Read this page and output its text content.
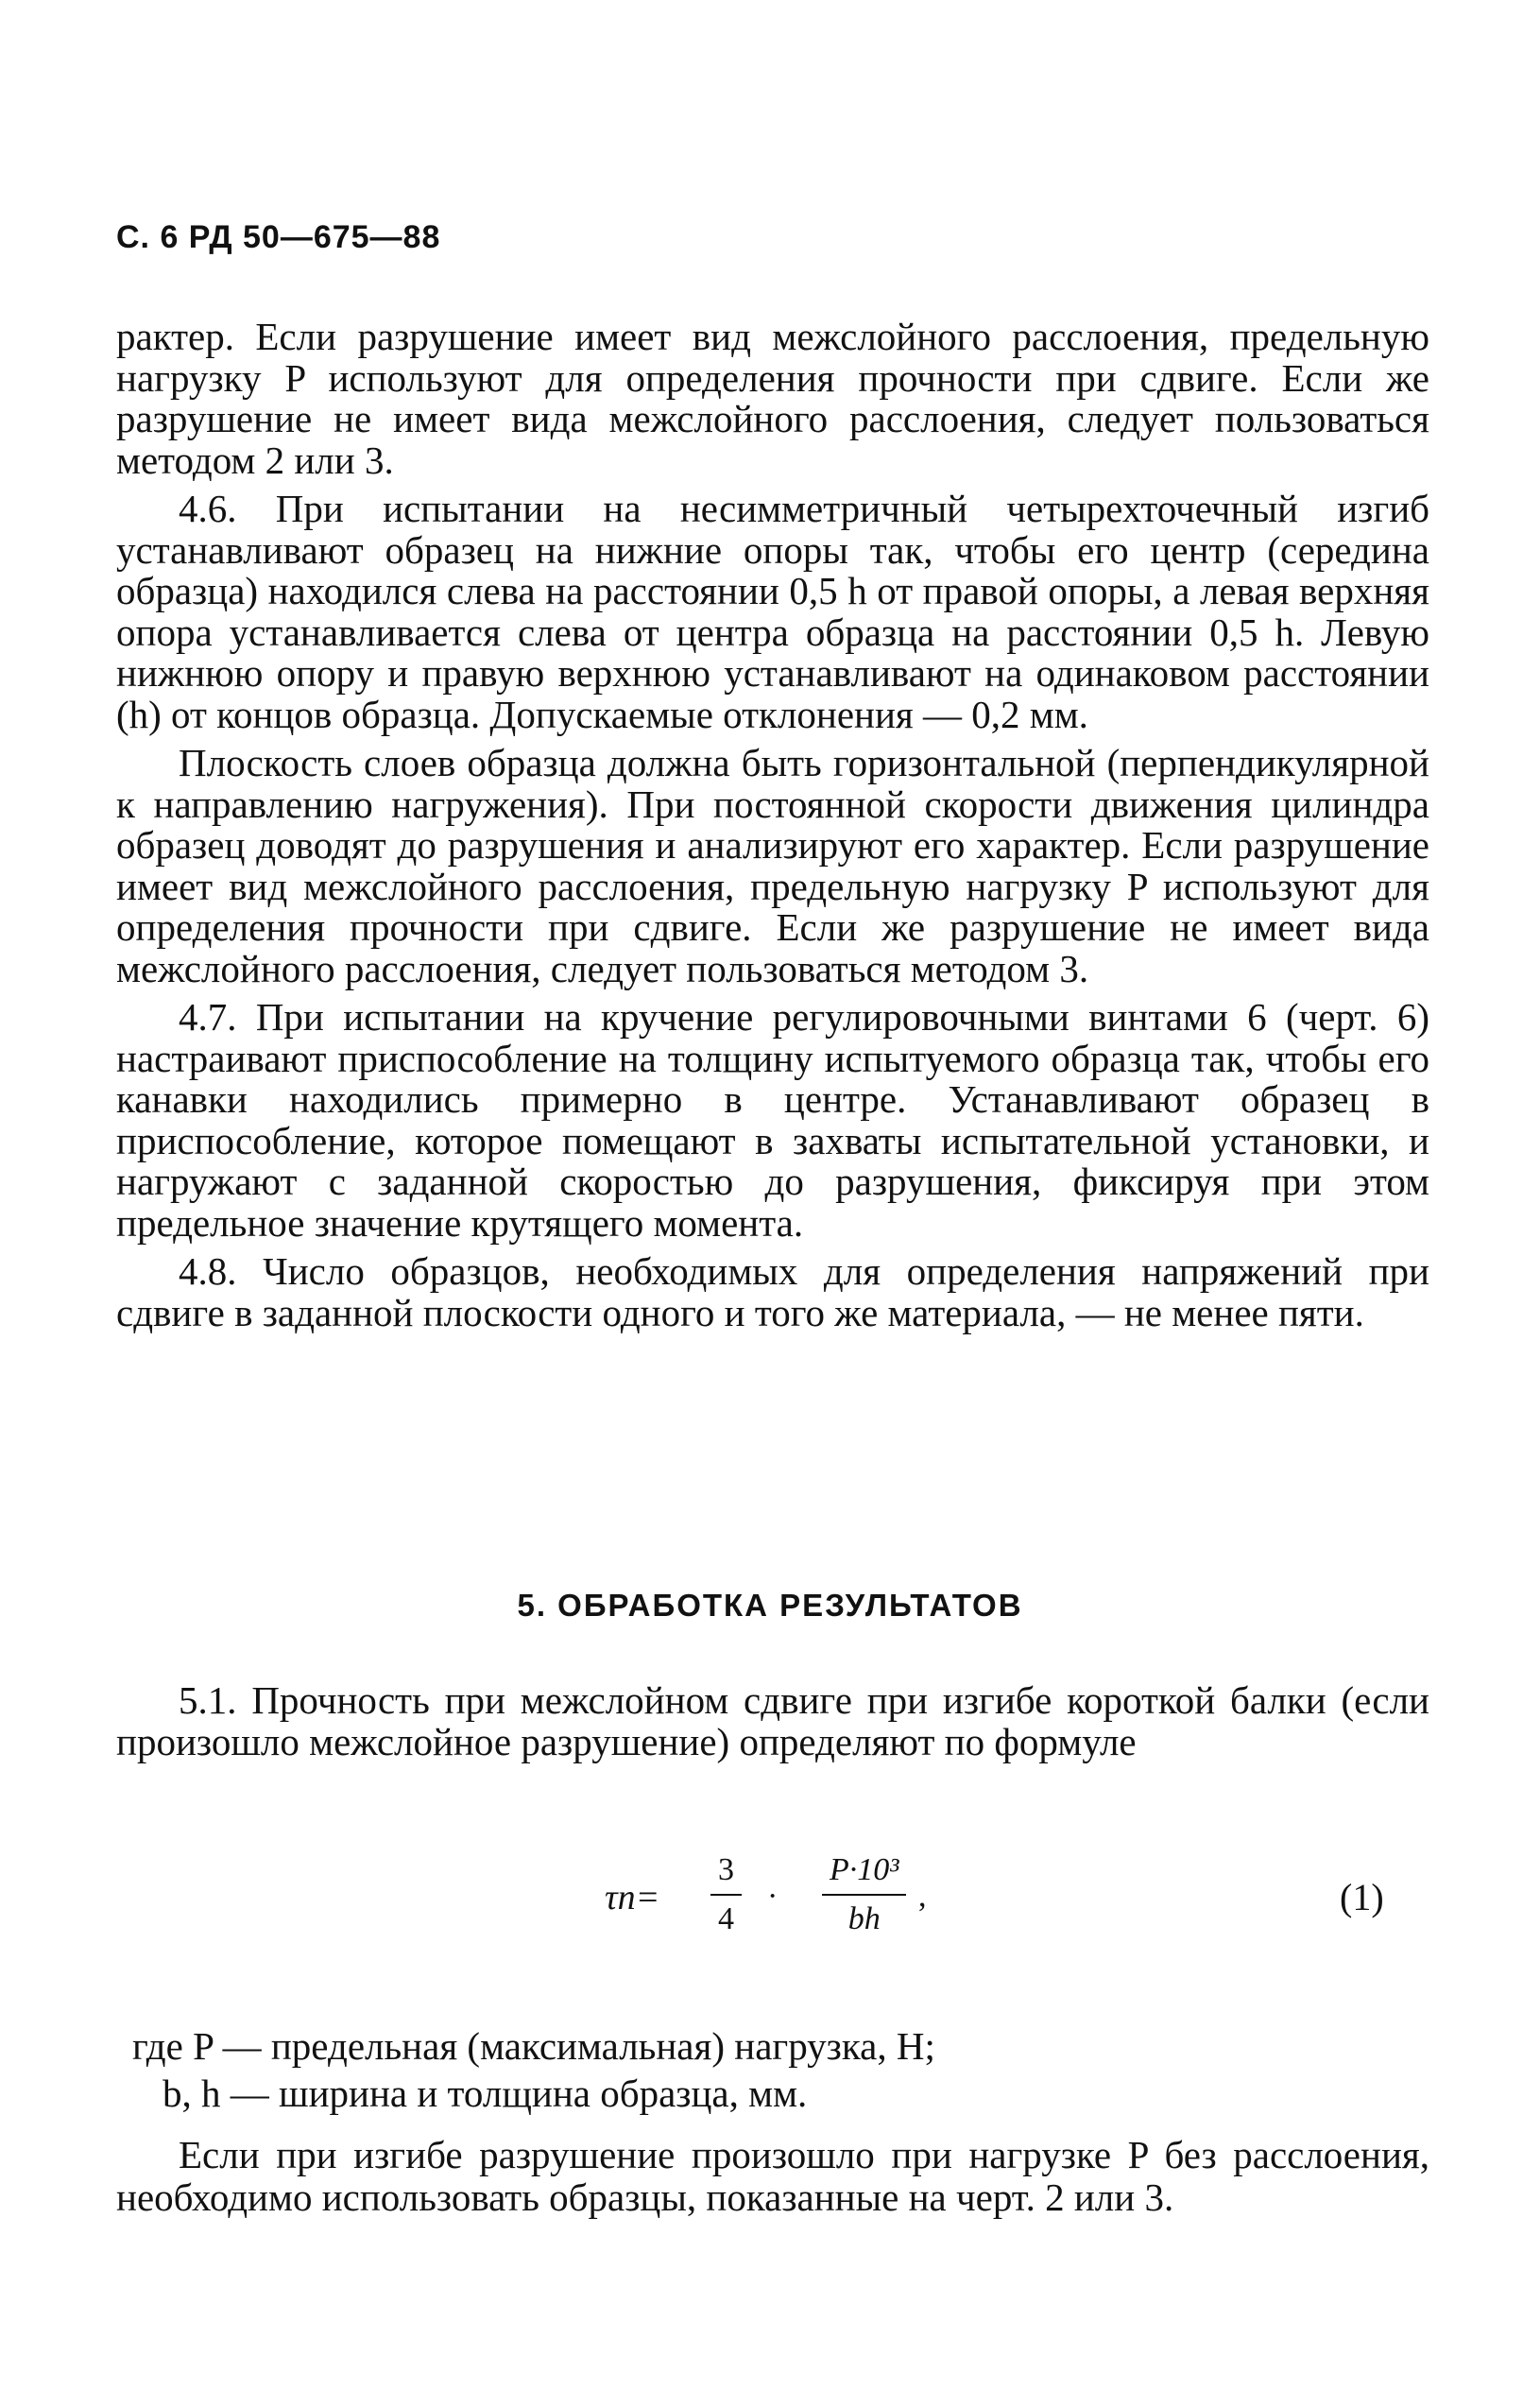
С. 6 РД 50—675—88

рактер. Если разрушение имеет вид межслойного расслоения, предельную нагрузку P используют для определения прочности при сдвиге. Если же разрушение не имеет вида межслойного расслоения, следует пользоваться методом 2 или 3.

4.6. При испытании на несимметричный четырехточечный изгиб устанавливают образец на нижние опоры так, чтобы его центр (середина образца) находился слева на расстоянии 0,5 h от правой опоры, а левая верхняя опора устанавливается слева от центра образца на расстоянии 0,5 h. Левую нижнюю опору и правую верхнюю устанавливают на одинаковом расстоянии (h) от концов образца. Допускаемые отклонения — 0,2 мм.

Плоскость слоев образца должна быть горизонтальной (перпендикулярной к направлению нагружения). При постоянной скорости движения цилиндра образец доводят до разрушения и анализируют его характер. Если разрушение имеет вид межслойного расслоения, предельную нагрузку P используют для определения прочности при сдвиге. Если же разрушение не имеет вида межслойного расслоения, следует пользоваться методом 3.

4.7. При испытании на кручение регулировочными винтами 6 (черт. 6) настраивают приспособление на толщину испытуемого образца так, чтобы его канавки находились примерно в центре. Устанавливают образец в приспособление, которое помещают в захваты испытательной установки, и нагружают с заданной скоростью до разрушения, фиксируя при этом предельное значение крутящего момента.

4.8. Число образцов, необходимых для определения напряжений при сдвиге в заданной плоскости одного и того же материала, — не менее пяти.

5. ОБРАБОТКА РЕЗУЛЬТАТОВ

5.1. Прочность при межслойном сдвиге при изгибе короткой балки (если произошло межслойное разрушение) определяют по формуле

τn=
3
4
·
P·10³
bh
,	(1)
где P — предельная (максимальная) нагрузка, Н;
b, h — ширина и толщина образца, мм.

Если при изгибе разрушение произошло при нагрузке P без расслоения, необходимо использовать образцы, показанные на черт. 2 или 3.
